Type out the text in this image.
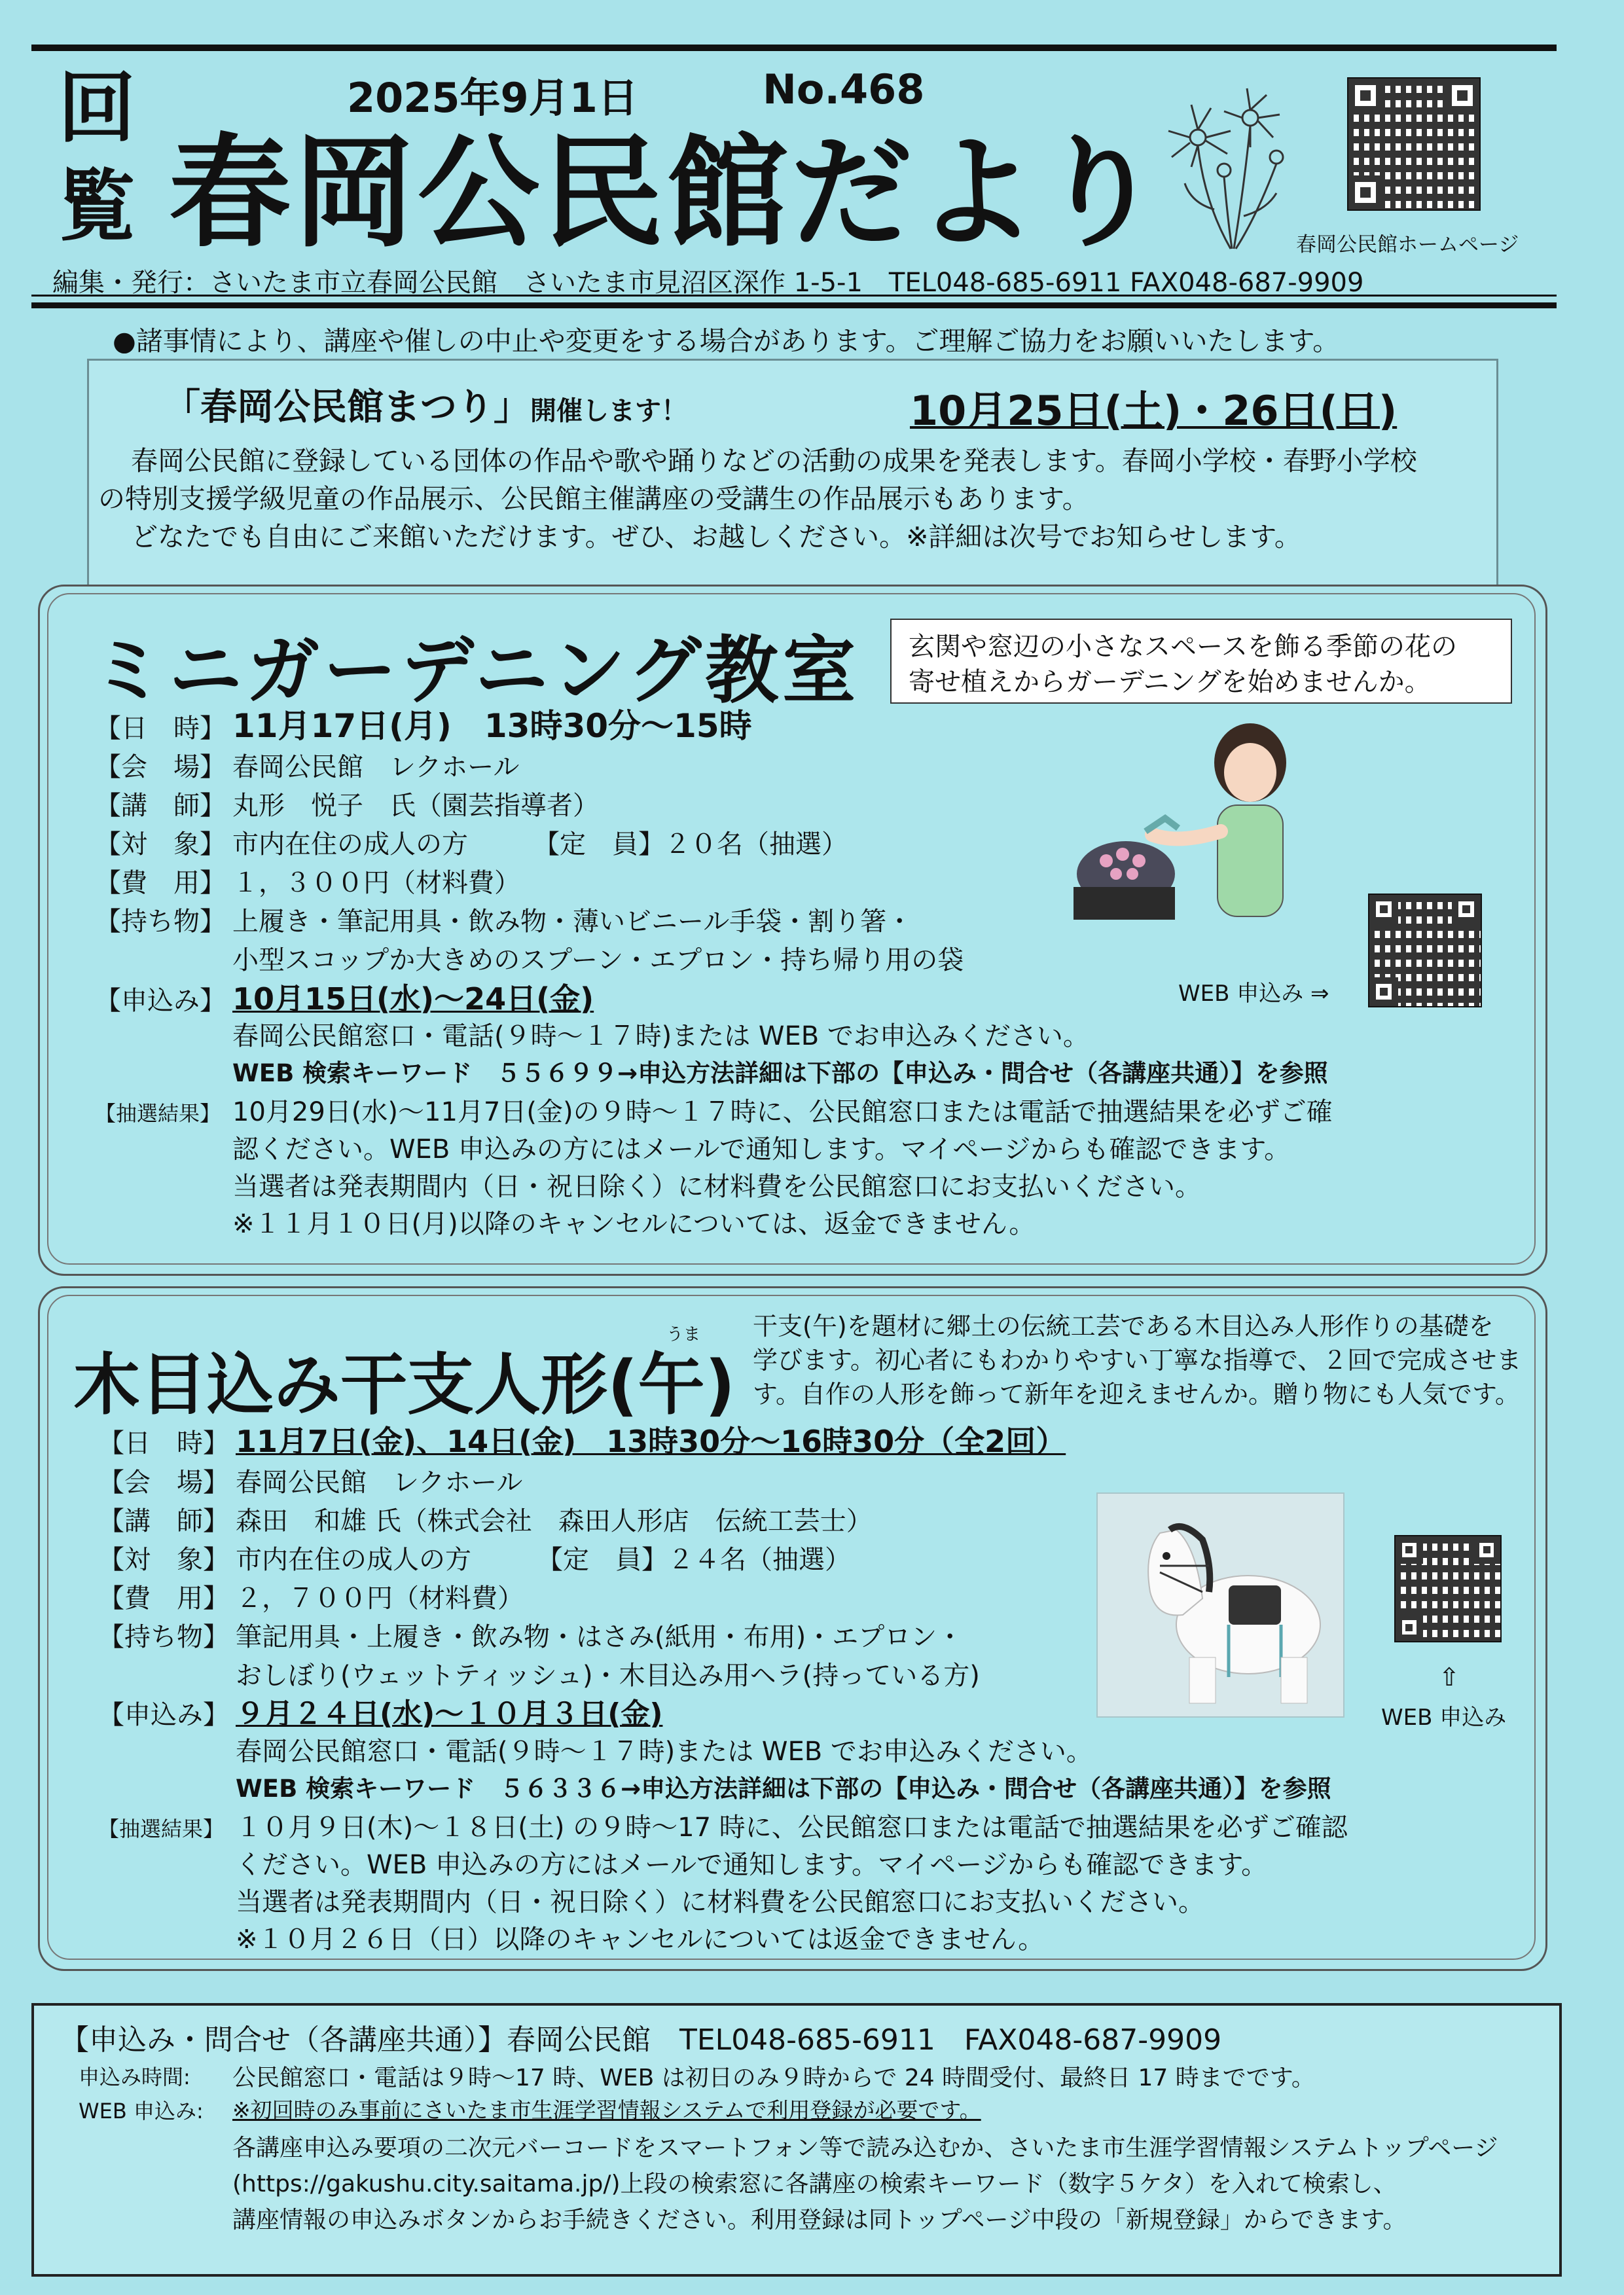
回
覧
2025年9月1日	No.468
春岡公民館だより	春岡公民館ホームページ
編集・発行：さいたま市立春岡公民館　さいたま市見沼区深作 1-5-1　TEL048-685-6911 FAX048-687-9909
●諸事情により、講座や催しの中止や変更をする場合があります。ご理解ご協力をお願いいたします。
「春岡公民館まつり」開催します！	10月25日(土)・26日(日)
春岡公民館に登録している団体の作品や歌や踊りなどの活動の成果を発表します。春岡小学校・春野小学校
の特別支援学級児童の作品展示、公民館主催講座の受講生の作品展示もあります。
どなたでも自由にご来館いただけます。ぜひ、お越しください。※詳細は次号でお知らせします。
ミニガーデニング教室 玄関や窓辺の小さなスペースを飾る季節の花の
寄せ植えからガーデニングを始めませんか。
【日　時】 11月17日(月)　13時30分～15時
【会　場】 春岡公民館　レクホール
【講　師】 丸形　悦子　氏（園芸指導者）
【対　象】 市内在住の成人の方　　　【定　員】２０名（抽選）
【費　用】 １，３００円（材料費）
【持ち物】 上履き・筆記用具・飲み物・薄いビニール手袋・割り箸・
小型スコップか大きめのスプーン・エプロン・持ち帰り用の袋
【申込み】 10月15日(水)～24日(金)
春岡公民館窓口・電話(９時～１７時)または WEB でお申込みください。
WEB 検索キーワード　５５６９９→申込方法詳細は下部の【申込み・問合せ（各講座共通）】を参照
【抽選結果】 10月29日(水)～11月7日(金)の９時～１７時に、公民館窓口または電話で抽選結果を必ずご確
認ください。WEB 申込みの方にはメールで通知します。マイページからも確認できます。
当選者は発表期間内（日・祝日除く）に材料費を公民館窓口にお支払いください。
※１１月１０日(月)以降のキャンセルについては、返金できません。
WEB 申込み ⇒
うま
木目込み干支人形(午)
干支(午)を題材に郷土の伝統工芸である木目込み人形作りの基礎を
学びます。初心者にもわかりやすい丁寧な指導で、２回で完成させま
す。自作の人形を飾って新年を迎えませんか。贈り物にも人気です。
【日　時】 11月7日(金)、14日(金)　13時30分～16時30分（全2回）
【会　場】 春岡公民館　レクホール
【講　師】 森田　和雄 氏（株式会社　森田人形店　伝統工芸士）
【対　象】 市内在住の成人の方　　　【定　員】２４名（抽選）
【費　用】 ２，７００円（材料費）
【持ち物】 筆記用具・上履き・飲み物・はさみ(紙用・布用)・エプロン・
おしぼり(ウェットティッシュ)・木目込み用ヘラ(持っている方)
【申込み】 ９月２４日(水)～１０月３日(金)
春岡公民館窓口・電話(９時～１７時)または WEB でお申込みください。
WEB 検索キーワード　５６３３６→申込方法詳細は下部の【申込み・問合せ（各講座共通）】を参照
【抽選結果】 １０月９日(木)～１８日(土) の９時～17 時に、公民館窓口または電話で抽選結果を必ずご確認
ください。WEB 申込みの方にはメールで通知します。マイページからも確認できます。
当選者は発表期間内（日・祝日除く）に材料費を公民館窓口にお支払いください。
※１０月２６日（日）以降のキャンセルについては返金できません。
⇧
WEB 申込み
【申込み・問合せ（各講座共通）】春岡公民館　TEL048-685-6911　FAX048-687-9909
申込み時間: 公民館窓口・電話は９時～17 時、WEB は初日のみ９時からで 24 時間受付、最終日 17 時までです。
WEB 申込み: ※初回時のみ事前にさいたま市生涯学習情報システムで利用登録が必要です。
各講座申込み要項の二次元バーコードをスマートフォン等で読み込むか、さいたま市生涯学習情報システムトップページ
(https://gakushu.city.saitama.jp/)上段の検索窓に各講座の検索キーワード（数字５ケタ）を入れて検索し、
講座情報の申込みボタンからお手続きください。利用登録は同トップページ中段の「新規登録」からできます。
